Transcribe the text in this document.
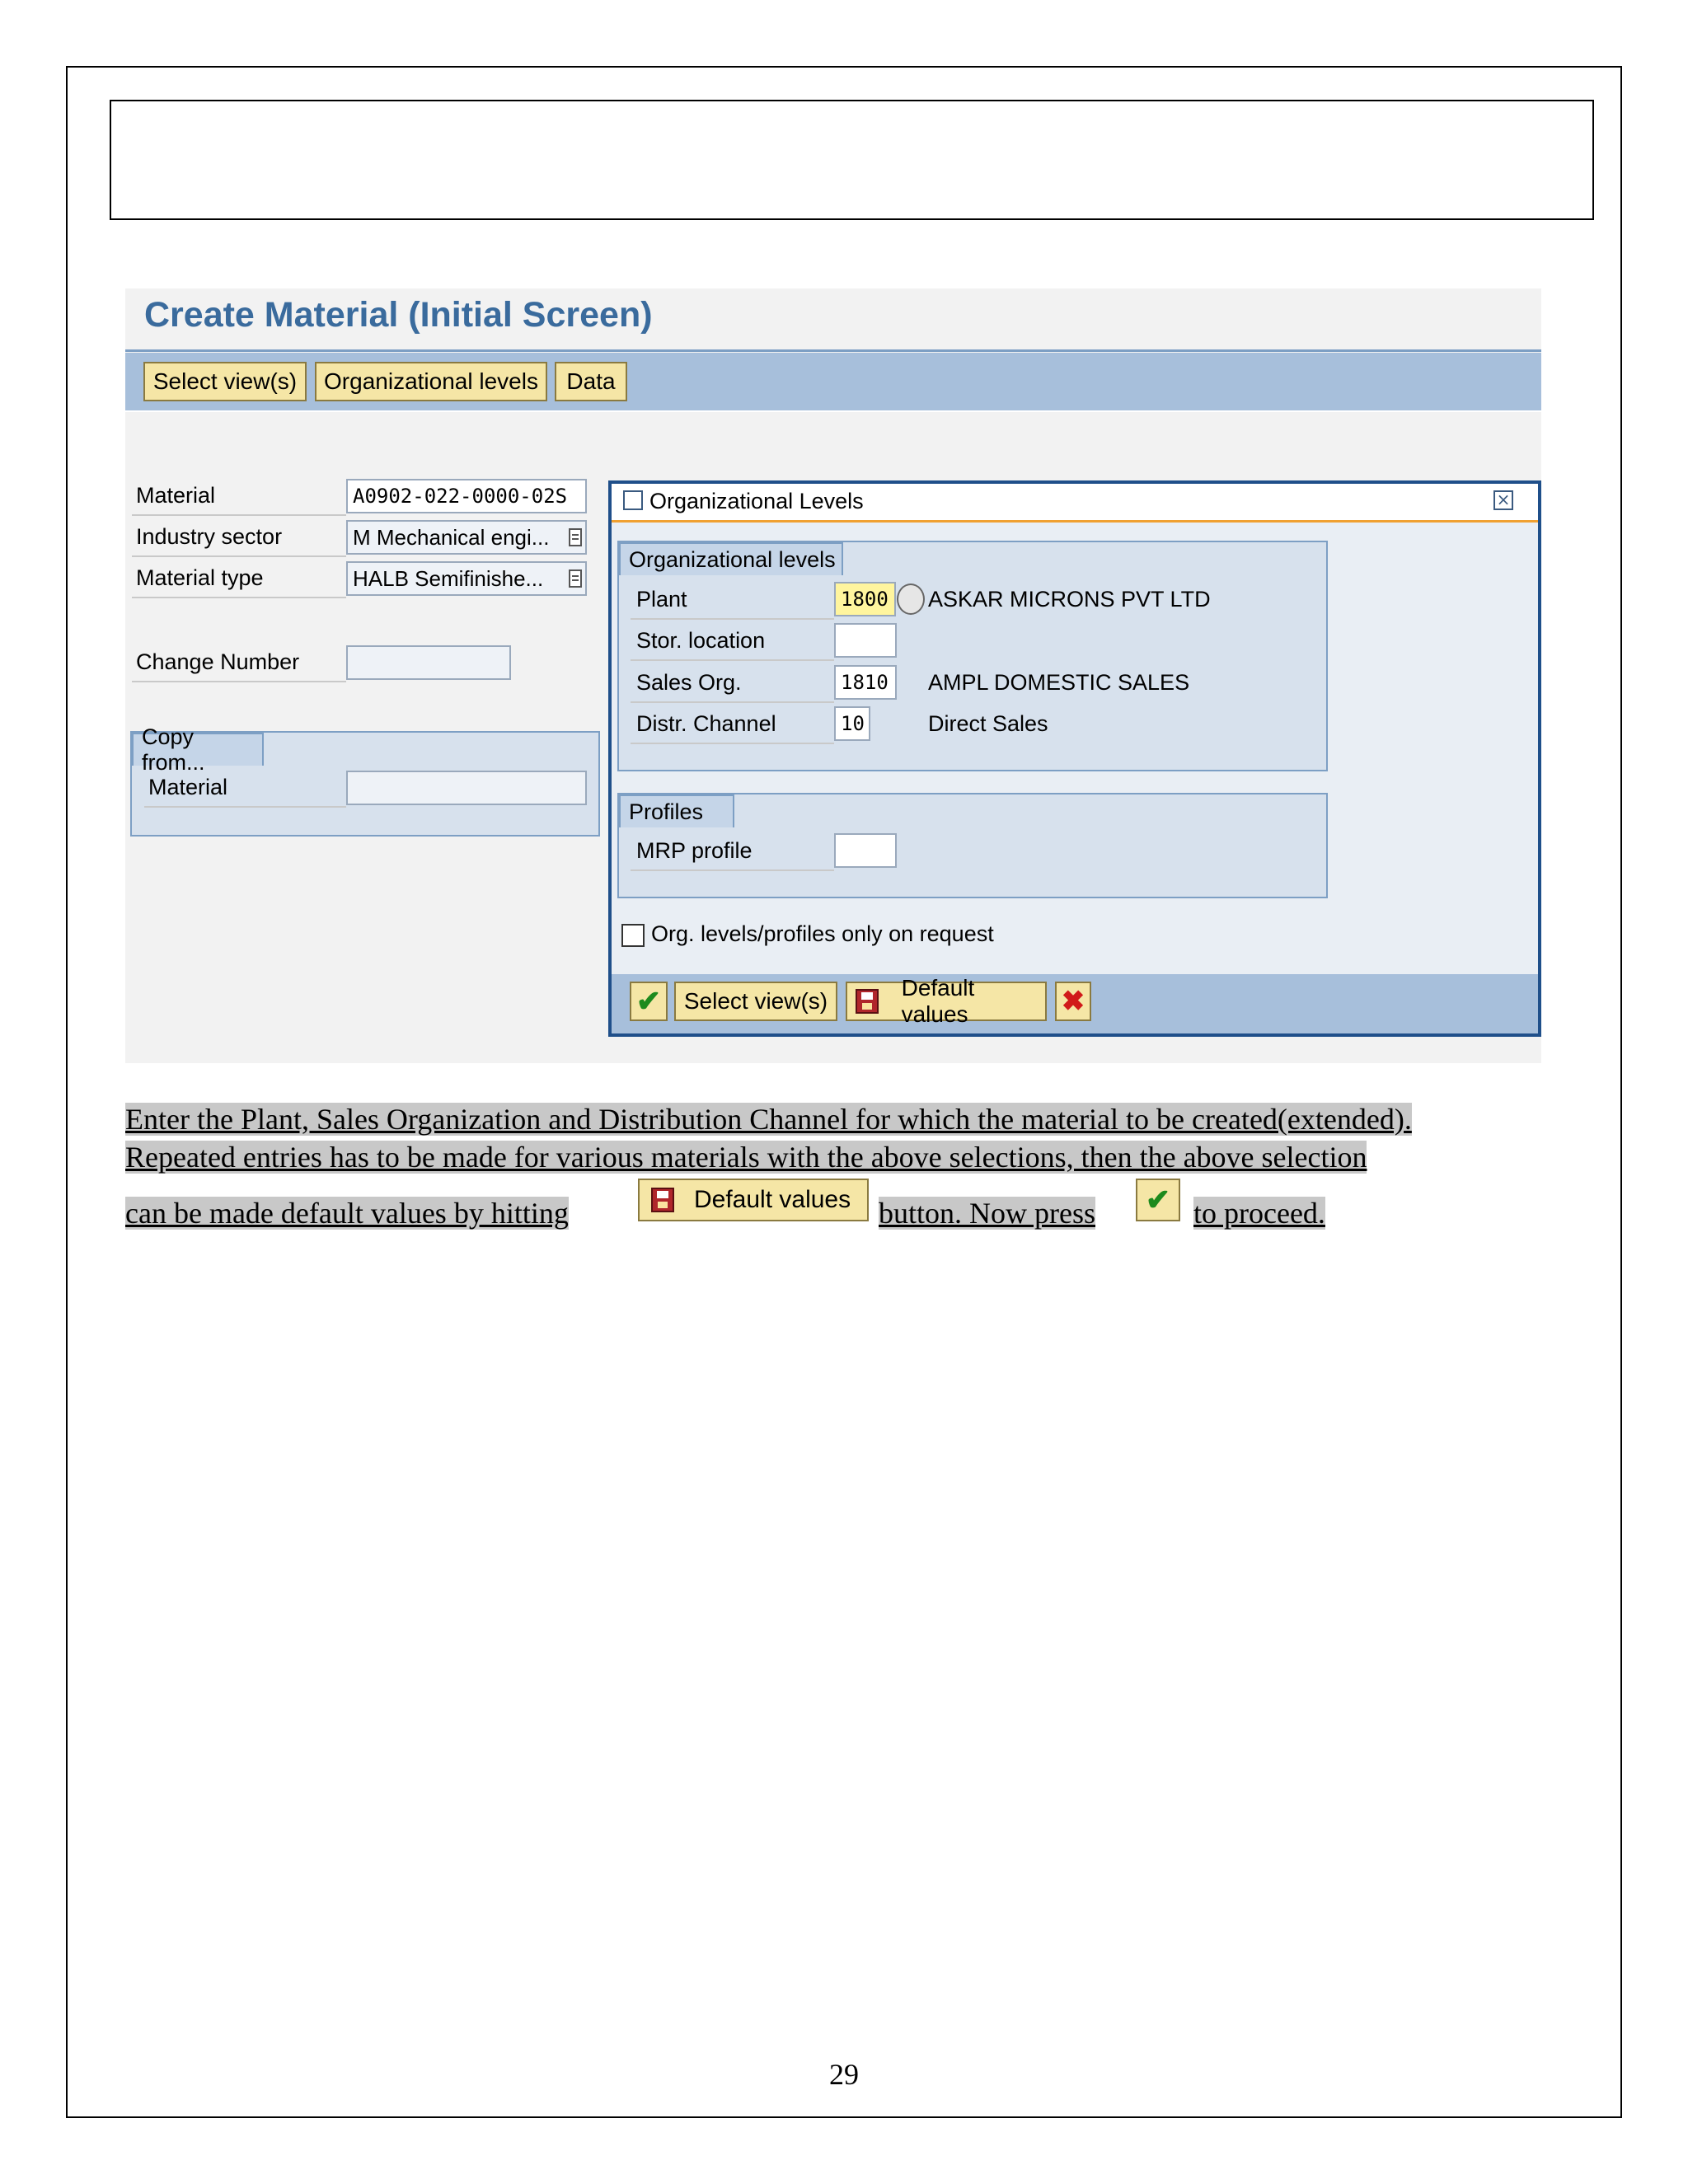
Create Material (Initial Screen)
Select view(s)	Organizational levels	Data
Material	A0902-022-0000-02S
Industry sector	M Mechanical engi...
Material type	HALB Semifinishe...
Change Number
Copy from...
Material
Organizational Levels	×
Organizational levels
Plant	1800	ASKAR MICRONS PVT LTD
Stor. location
Sales Org.	1810	AMPL DOMESTIC SALES
Distr. Channel	10	Direct Sales
Profiles
MRP profile
Org. levels/profiles only on request
✔ Select view(s)
Default values	✖
Enter the Plant, Sales Organization and Distribution Channel for which the material to be created(extended).
Repeated entries has to be made for various materials with the above selections, then the above selection
can be made default values by hitting	Default values button. Now press ✔ to proceed.
29
